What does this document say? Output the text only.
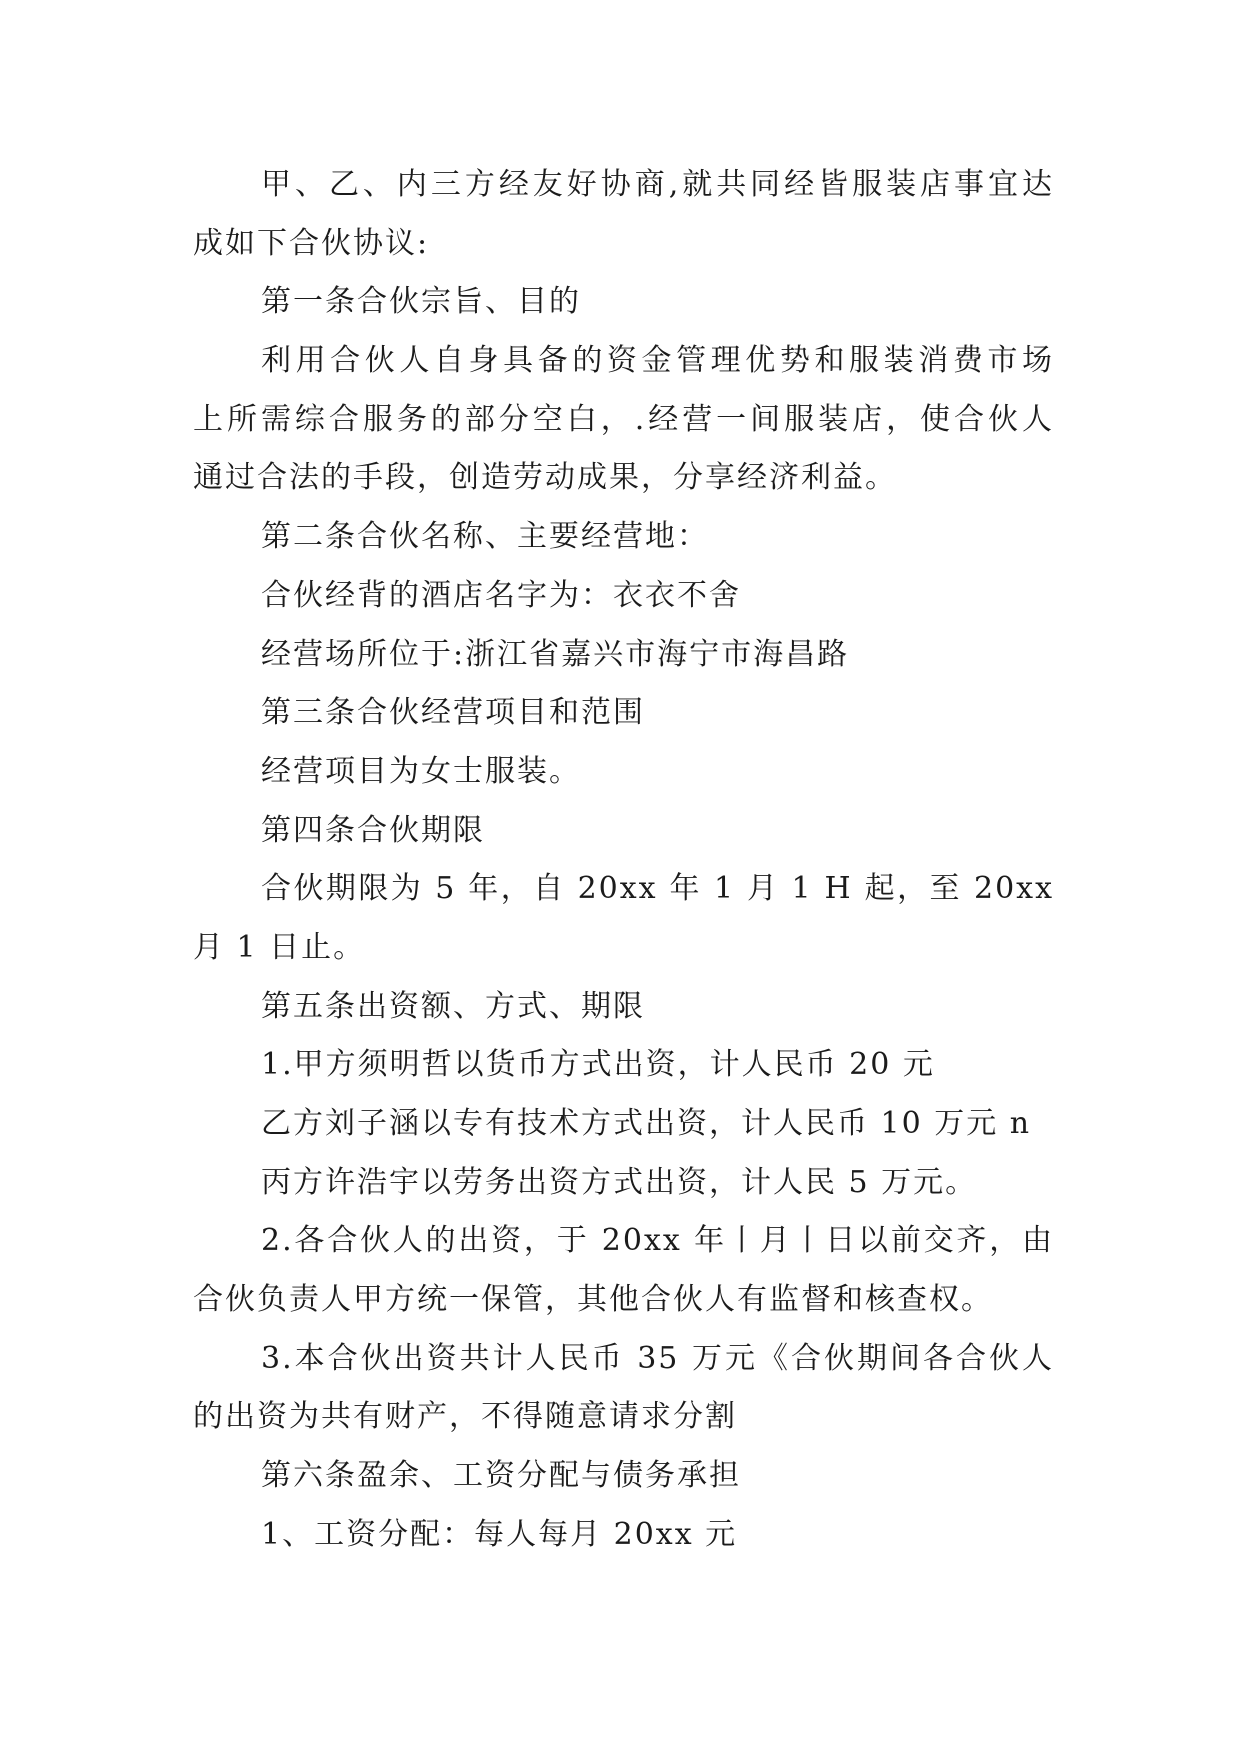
甲、乙、内三方经友好协商,就共同经皆服装店事宜达
成如下合伙协议:
第一条合伙宗旨、目的
利用合伙人自身具备的资金管理优势和服装消费市场
上所需综合服务的部分空白，.经营一间服装店，使合伙人
通过合法的手段，创造劳动成果，分享经济利益。
第二条合伙名称、主要经营地：
合伙经背的酒店名字为：衣衣不舍
经营场所位于:浙江省嘉兴市海宁市海昌路
第三条合伙经营项目和范围
经营项目为女士服装。
第四条合伙期限
合伙期限为 5 年，自 20xx 年 1 月 1 H 起，至 20xx
月 1 日止。
第五条出资额、方式、期限
1.甲方须明哲以货币方式出资，计人民币 20 元
乙方刘子涵以专有技术方式出资，计人民币 10 万元 n
丙方许浩宇以劳务出资方式出资，计人民 5 万元。
2.各合伙人的出资，于 20xx 年丨月丨日以前交齐，由
合伙负责人甲方统一保管，其他合伙人有监督和核查权。
3.本合伙出资共计人民币 35 万元《合伙期间各合伙人
的出资为共有财产，不得随意请求分割
第六条盈余、工资分配与债务承担
1、工资分配：每人每月 20xx 元
